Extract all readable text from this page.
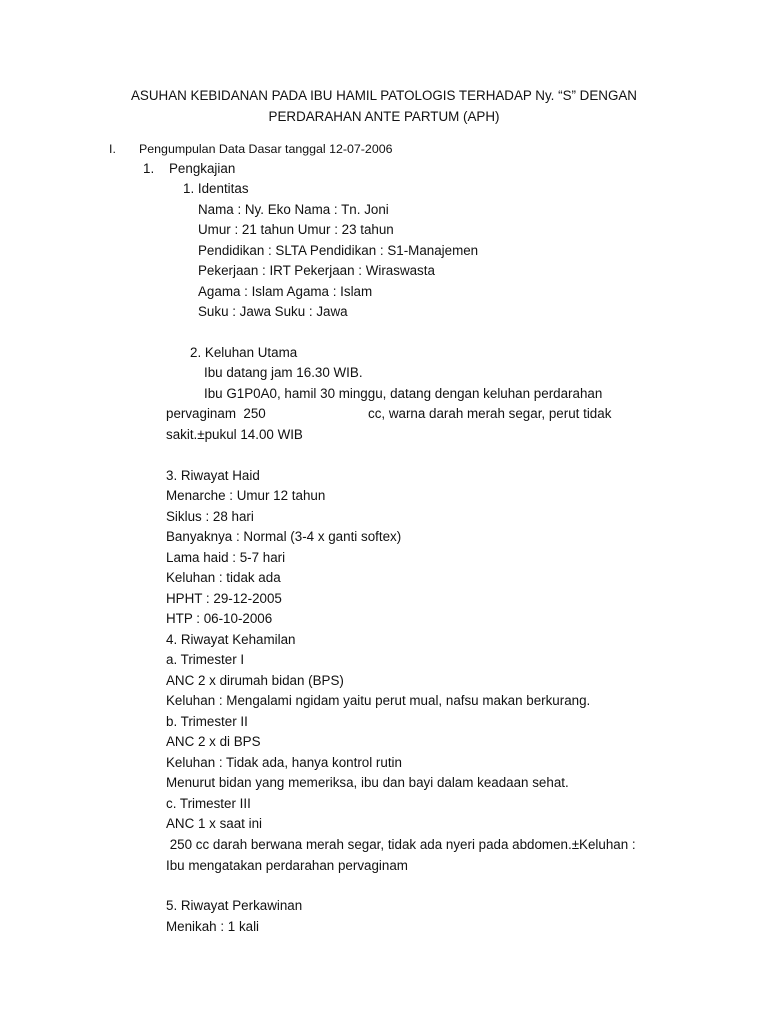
ASUHAN KEBIDANAN PADA IBU HAMIL PATOLOGIS TERHADAP Ny. “S” DENGAN
PERDARAHAN ANTE PARTUM (APH)
I. Pengumpulan Data Dasar tanggal 12-07-2006
1. Pengkajian
1. Identitas
Nama : Ny. Eko Nama : Tn. Joni
Umur : 21 tahun Umur : 23 tahun
Pendidikan : SLTA Pendidikan : S1-Manajemen
Pekerjaan : IRT Pekerjaan : Wiraswasta
Agama : Islam Agama : Islam
Suku : Jawa Suku : Jawa
2. Keluhan Utama
Ibu datang jam 16.30 WIB.
Ibu G1P0A0, hamil 30 minggu, datang dengan keluhan perdarahan
pervaginam  250	cc, warna darah merah segar, perut tidak
sakit.±pukul 14.00 WIB
3. Riwayat Haid
Menarche : Umur 12 tahun
Siklus : 28 hari
Banyaknya : Normal (3-4 x ganti softex)
Lama haid : 5-7 hari
Keluhan : tidak ada
HPHT : 29-12-2005
HTP : 06-10-2006
4. Riwayat Kehamilan
a. Trimester I
ANC 2 x dirumah bidan (BPS)
Keluhan : Mengalami ngidam yaitu perut mual, nafsu makan berkurang.
b. Trimester II
ANC 2 x di BPS
Keluhan : Tidak ada, hanya kontrol rutin
Menurut bidan yang memeriksa, ibu dan bayi dalam keadaan sehat.
c. Trimester III
ANC 1 x saat ini
250 cc darah berwana merah segar, tidak ada nyeri pada abdomen.±Keluhan :
Ibu mengatakan perdarahan pervaginam
5. Riwayat Perkawinan
Menikah : 1 kali
